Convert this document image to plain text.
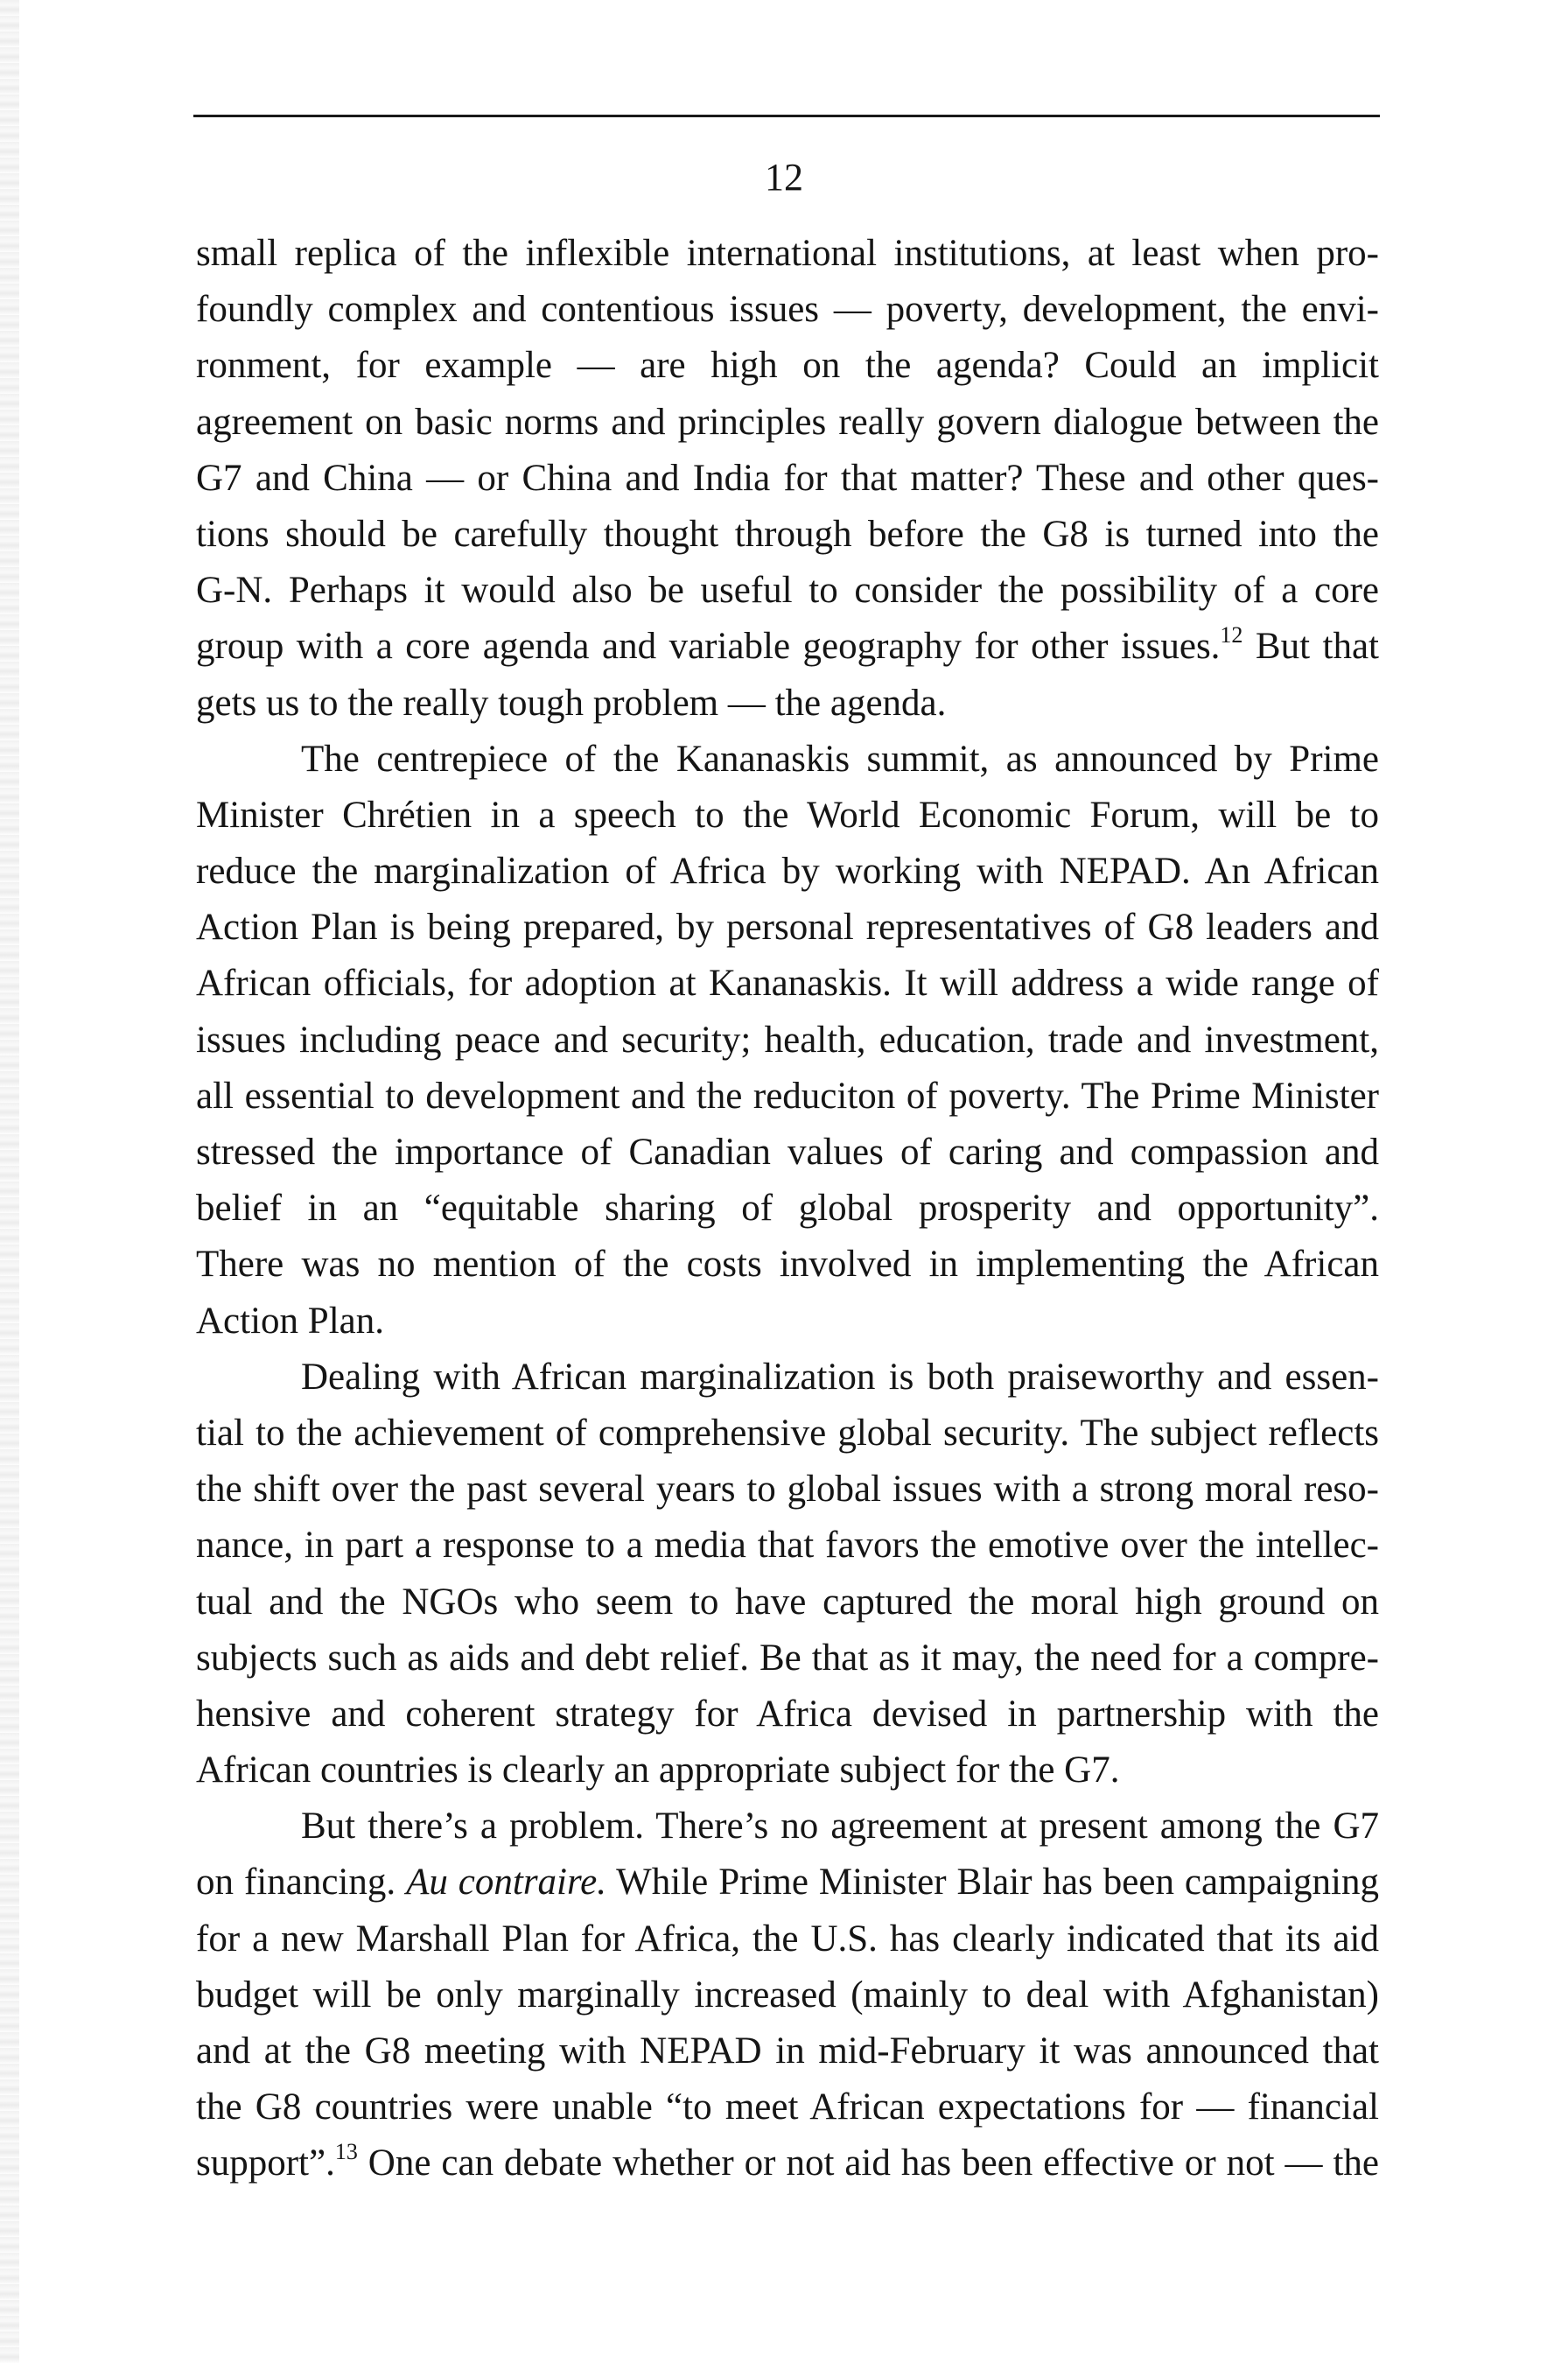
12
small replica of the inflexible international institutions, at least when pro-
foundly complex and contentious issues — poverty, development, the envi-
ronment, for example — are high on the agenda? Could an implicit
agreement on basic norms and principles really govern dialogue between the
G7 and China — or China and India for that matter? These and other ques-
tions should be carefully thought through before the G8 is turned into the
G-N. Perhaps it would also be useful to consider the possibility of a core
group with a core agenda and variable geography for other issues.$^{12}$ But that
gets us to the really tough problem — the agenda.
The centrepiece of the Kananaskis summit, as announced by Prime
Minister Chrétien in a speech to the World Economic Forum, will be to
reduce the marginalization of Africa by working with NEPAD. An African
Action Plan is being prepared, by personal representatives of G8 leaders and
African officials, for adoption at Kananaskis. It will address a wide range of
issues including peace and security; health, education, trade and investment,
all essential to development and the reduciton of poverty. The Prime Minister
stressed the importance of Canadian values of caring and compassion and
belief in an “equitable sharing of global prosperity and opportunity”.
There was no mention of the costs involved in implementing the African
Action Plan.
Dealing with African marginalization is both praiseworthy and essen-
tial to the achievement of comprehensive global security. The subject reflects
the shift over the past several years to global issues with a strong moral reso-
nance, in part a response to a media that favors the emotive over the intellec-
tual and the NGOs who seem to have captured the moral high ground on
subjects such as aids and debt relief. Be that as it may, the need for a compre-
hensive and coherent strategy for Africa devised in partnership with the
African countries is clearly an appropriate subject for the G7.
But there’s a problem. There’s no agreement at present among the G7
on financing. Au contraire. While Prime Minister Blair has been campaigning
for a new Marshall Plan for Africa, the U.S. has clearly indicated that its aid
budget will be only marginally increased (mainly to deal with Afghanistan)
and at the G8 meeting with NEPAD in mid-February it was announced that
the G8 countries were unable “to meet African expectations for — financial
support”.$^{13}$ One can debate whether or not aid has been effective or not — the
